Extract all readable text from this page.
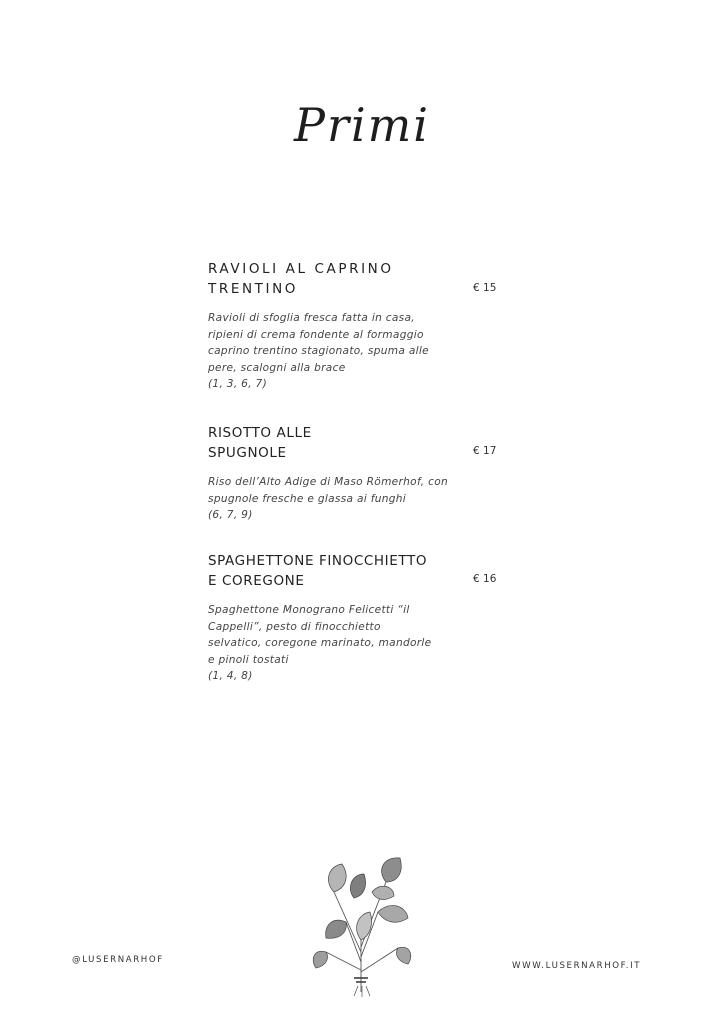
Primi
RAVIOLI AL CAPRINO
TRENTINO	€ 15
Ravioli di sfoglia fresca fatta in casa,
ripieni di crema fondente al formaggio
caprino trentino stagionato, spuma alle
pere, scalogni alla brace
(1, 3, 6, 7)
RISOTTO ALLE
SPUGNOLE	€ 17
Riso dell’Alto Adige di Maso Römerhof, con
spugnole fresche e glassa ai funghi
(6, 7, 9)
SPAGHETTONE FINOCCHIETTO
E COREGONE	€ 16
Spaghettone Monograno Felicetti “il
Cappelli”, pesto di finocchietto
selvatico, coregone marinato, mandorle
e pinoli tostati
(1, 4, 8)
@LUSERNARHOF
WWW.LUSERNARHOF.IT
